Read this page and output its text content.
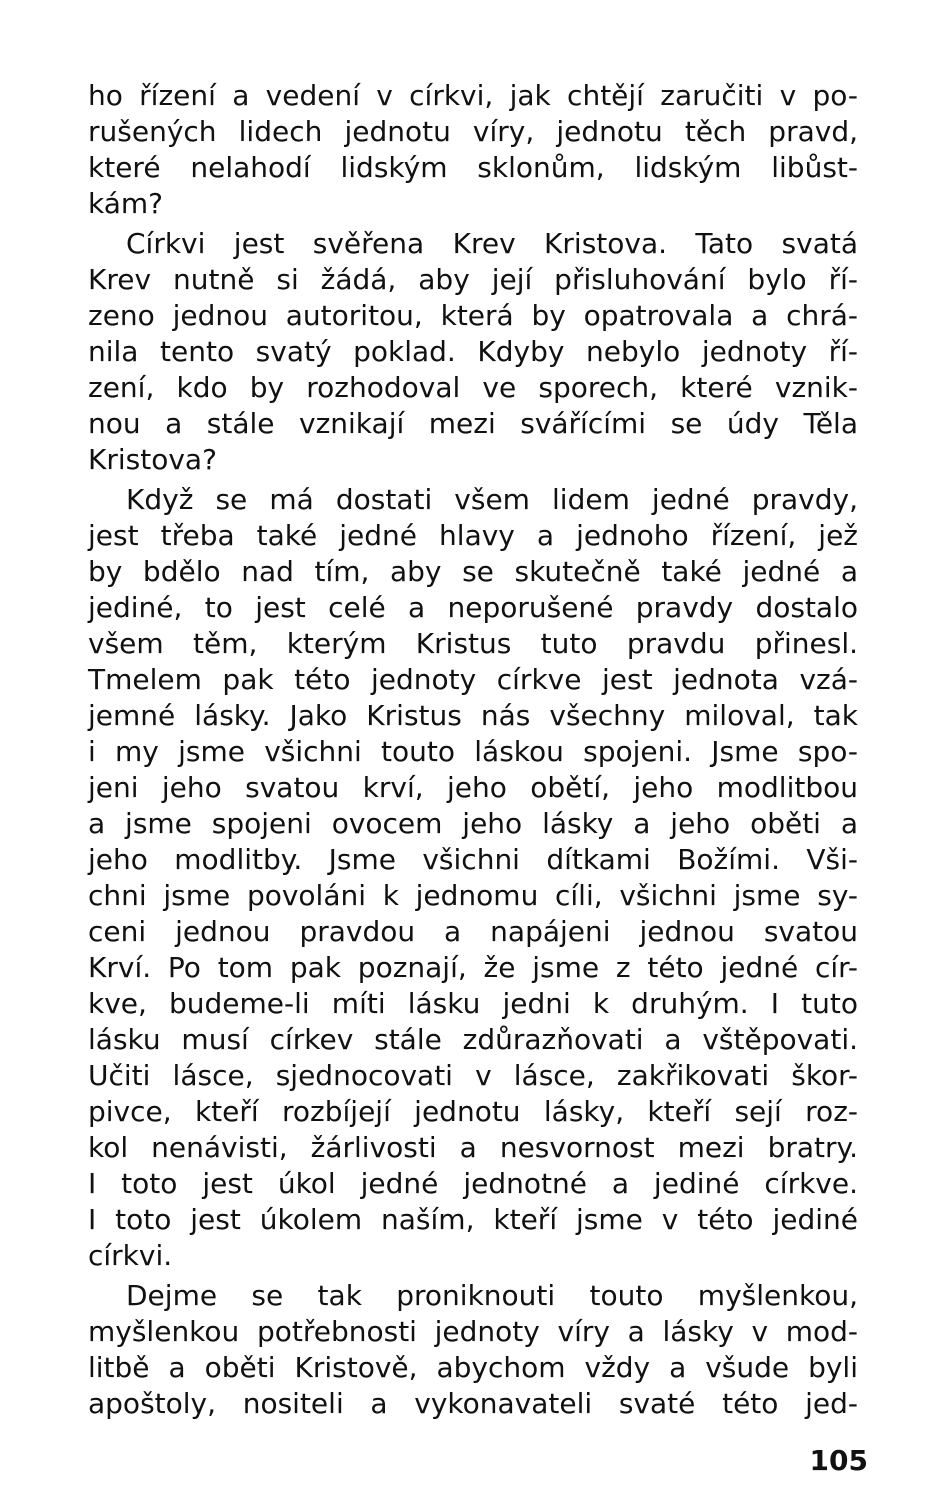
ho řízení a vedení v církvi, jak chtějí zaručiti v po-
rušených lidech jednotu víry, jednotu těch pravd,
které nelahodí lidským sklonům, lidským libůst-
kám?
Církvi jest svěřena Krev Kristova. Tato svatá
Krev nutně si žádá, aby její přisluhování bylo ří-
zeno jednou autoritou, která by opatrovala a chrá-
nila tento svatý poklad. Kdyby nebylo jednoty ří-
zení, kdo by rozhodoval ve sporech, které vznik-
nou a stále vznikají mezi svářícími se údy Těla
Kristova?
Když se má dostati všem lidem jedné pravdy,
jest třeba také jedné hlavy a jednoho řízení, jež
by bdělo nad tím, aby se skutečně také jedné a
jediné, to jest celé a neporušené pravdy dostalo
všem těm, kterým Kristus tuto pravdu přinesl.
Tmelem pak této jednoty církve jest jednota vzá-
jemné lásky. Jako Kristus nás všechny miloval, tak
i my jsme všichni touto láskou spojeni. Jsme spo-
jeni jeho svatou krví, jeho obětí, jeho modlitbou
a jsme spojeni ovocem jeho lásky a jeho oběti a
jeho modlitby. Jsme všichni dítkami Božími. Vši-
chni jsme povoláni k jednomu cíli, všichni jsme sy-
ceni jednou pravdou a napájeni jednou svatou
Krví. Po tom pak poznají, že jsme z této jedné cír-
kve, budeme-li míti lásku jedni k druhým. I tuto
lásku musí církev stále zdůrazňovati a vštěpovati.
Učiti lásce, sjednocovati v lásce, zakřikovati škor-
pivce, kteří rozbíjejí jednotu lásky, kteří sejí roz-
kol nenávisti, žárlivosti a nesvornost mezi bratry.
I toto jest úkol jedné jednotné a jediné církve.
I toto jest úkolem naším, kteří jsme v této jediné
církvi.
Dejme se tak proniknouti touto myšlenkou,
myšlenkou potřebnosti jednoty víry a lásky v mod-
litbě a oběti Kristově, abychom vždy a všude byli
apoštoly, nositeli a vykonavateli svaté této jed-
105
